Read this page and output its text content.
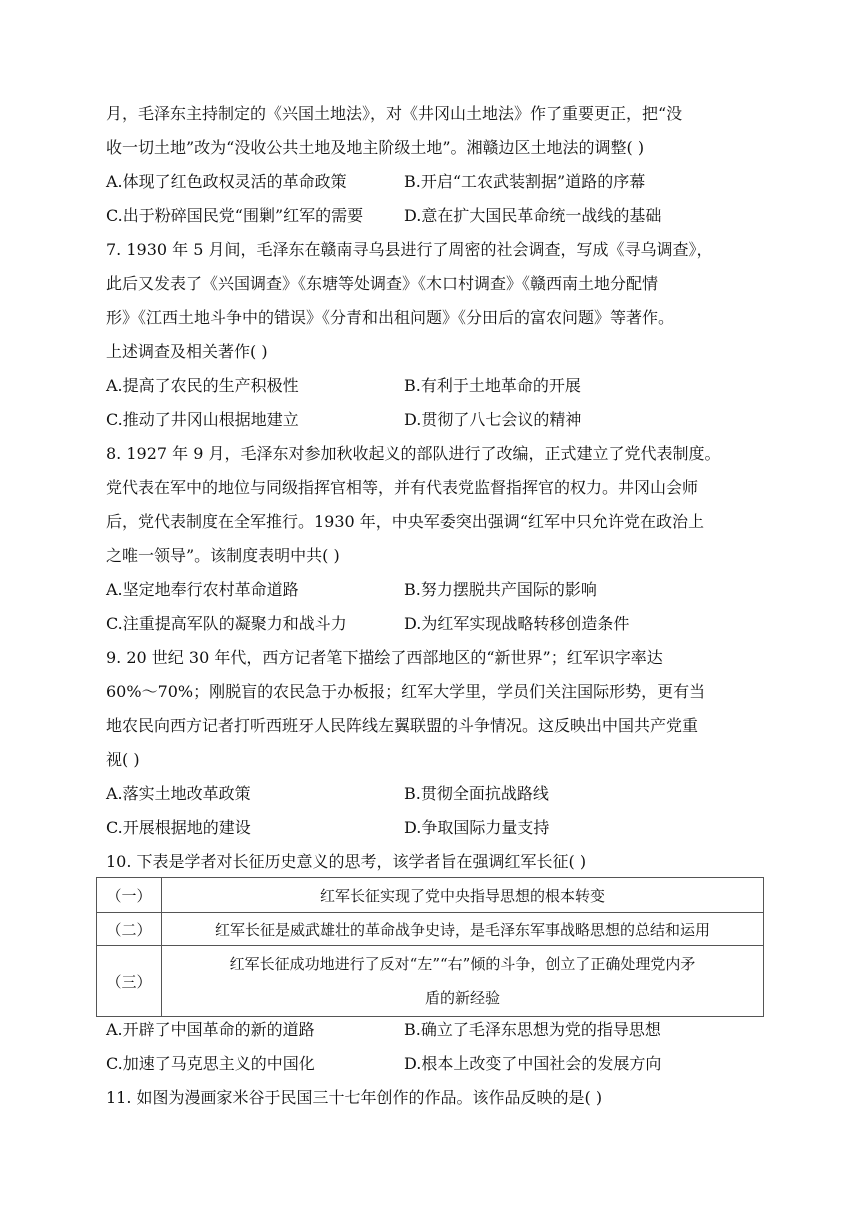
月，毛泽东主持制定的《兴国土地法》，对《井冈山土地法》作了重要更正，把“没
收一切土地”改为“没收公共土地及地主阶级土地”。湘赣边区土地法的调整( )
A.体现了红色政权灵活的革命政策	B.开启“工农武装割据”道路的序幕
C.出于粉碎国民党“围剿”红军的需要	D.意在扩大国民革命统一战线的基础
7. 1930 年 5 月间，毛泽东在赣南寻乌县进行了周密的社会调查，写成《寻乌调查》，
此后又发表了《兴国调查》《东塘等处调查》《木口村调查》《赣西南土地分配情
形》《江西土地斗争中的错误》《分青和出租问题》《分田后的富农问题》等著作。
上述调查及相关著作( )
A.提高了农民的生产积极性	B.有利于土地革命的开展
C.推动了井冈山根据地建立	D.贯彻了八七会议的精神
8. 1927 年 9 月，毛泽东对参加秋收起义的部队进行了改编，正式建立了党代表制度。
党代表在军中的地位与同级指挥官相等，并有代表党监督指挥官的权力。井冈山会师
后，党代表制度在全军推行。1930 年，中央军委突出强调“红军中只允许党在政治上
之唯一领导”。该制度表明中共( )
A.坚定地奉行农村革命道路	B.努力摆脱共产国际的影响
C.注重提高军队的凝聚力和战斗力	D.为红军实现战略转移创造条件
9. 20 世纪 30 年代，西方记者笔下描绘了西部地区的“新世界”；红军识字率达
60%～70%；刚脱盲的农民急于办板报；红军大学里，学员们关注国际形势，更有当
地农民向西方记者打听西班牙人民阵线左翼联盟的斗争情况。这反映出中国共产党重
视( )
A.落实土地改革政策	B.贯彻全面抗战路线
C.开展根据地的建设	D.争取国际力量支持
10. 下表是学者对长征历史意义的思考，该学者旨在强调红军长征( )
（一）	红军长征实现了党中央指导思想的根本转变
（二）	红军长征是威武雄壮的革命战争史诗，是毛泽东军事战略思想的总结和运用
（三）	红军长征成功地进行了反对“左”“右”倾的斗争，创立了正确处理党内矛
盾的新经验
A.开辟了中国革命的新的道路	B.确立了毛泽东思想为党的指导思想
C.加速了马克思主义的中国化	D.根本上改变了中国社会的发展方向
11. 如图为漫画家米谷于民国三十七年创作的作品。该作品反映的是( )
